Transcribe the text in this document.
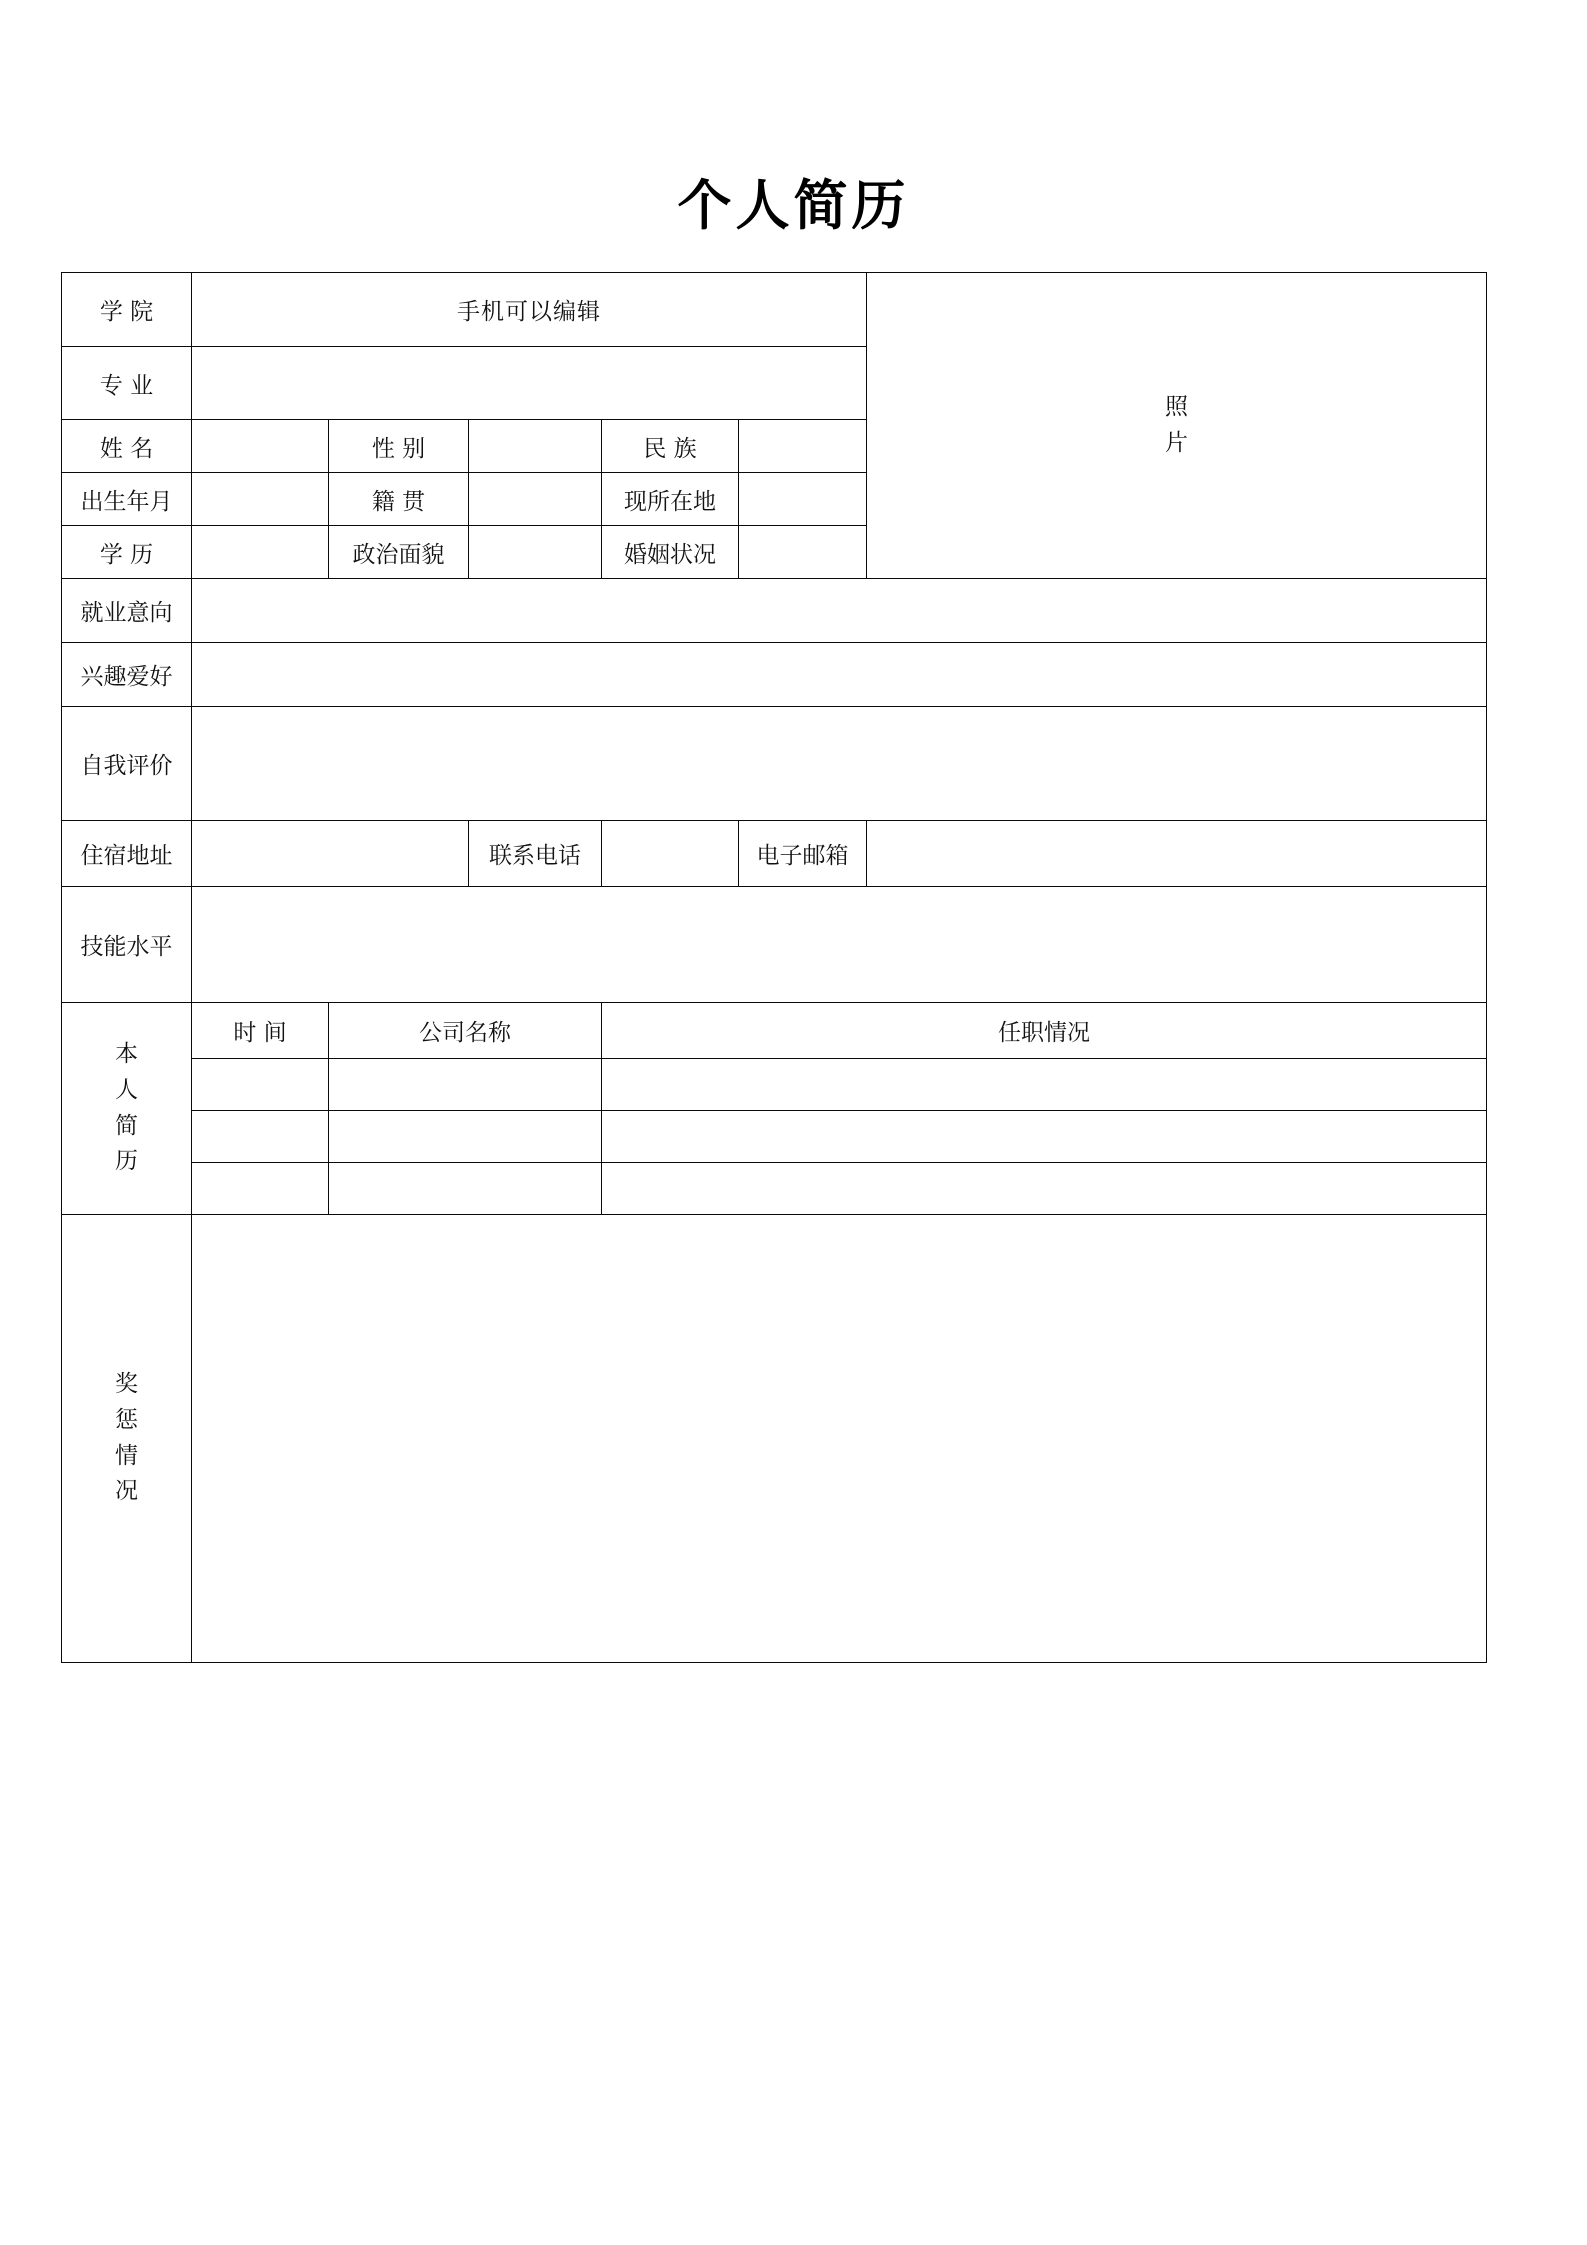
个人简历
学 院	手机可以编辑					照
片

专 业						
姓 名		性 别		民 族		
出生年月		籍 贯		现所在地		
学 历		政治面貌		婚姻状况		
就业意向						
兴趣爱好						
自我评价						
住宿地址			联系电话		电子邮箱	
技能水平						

本
人
简
历	时 间	公司名称		任职情况		

奖
惩
情
况						
